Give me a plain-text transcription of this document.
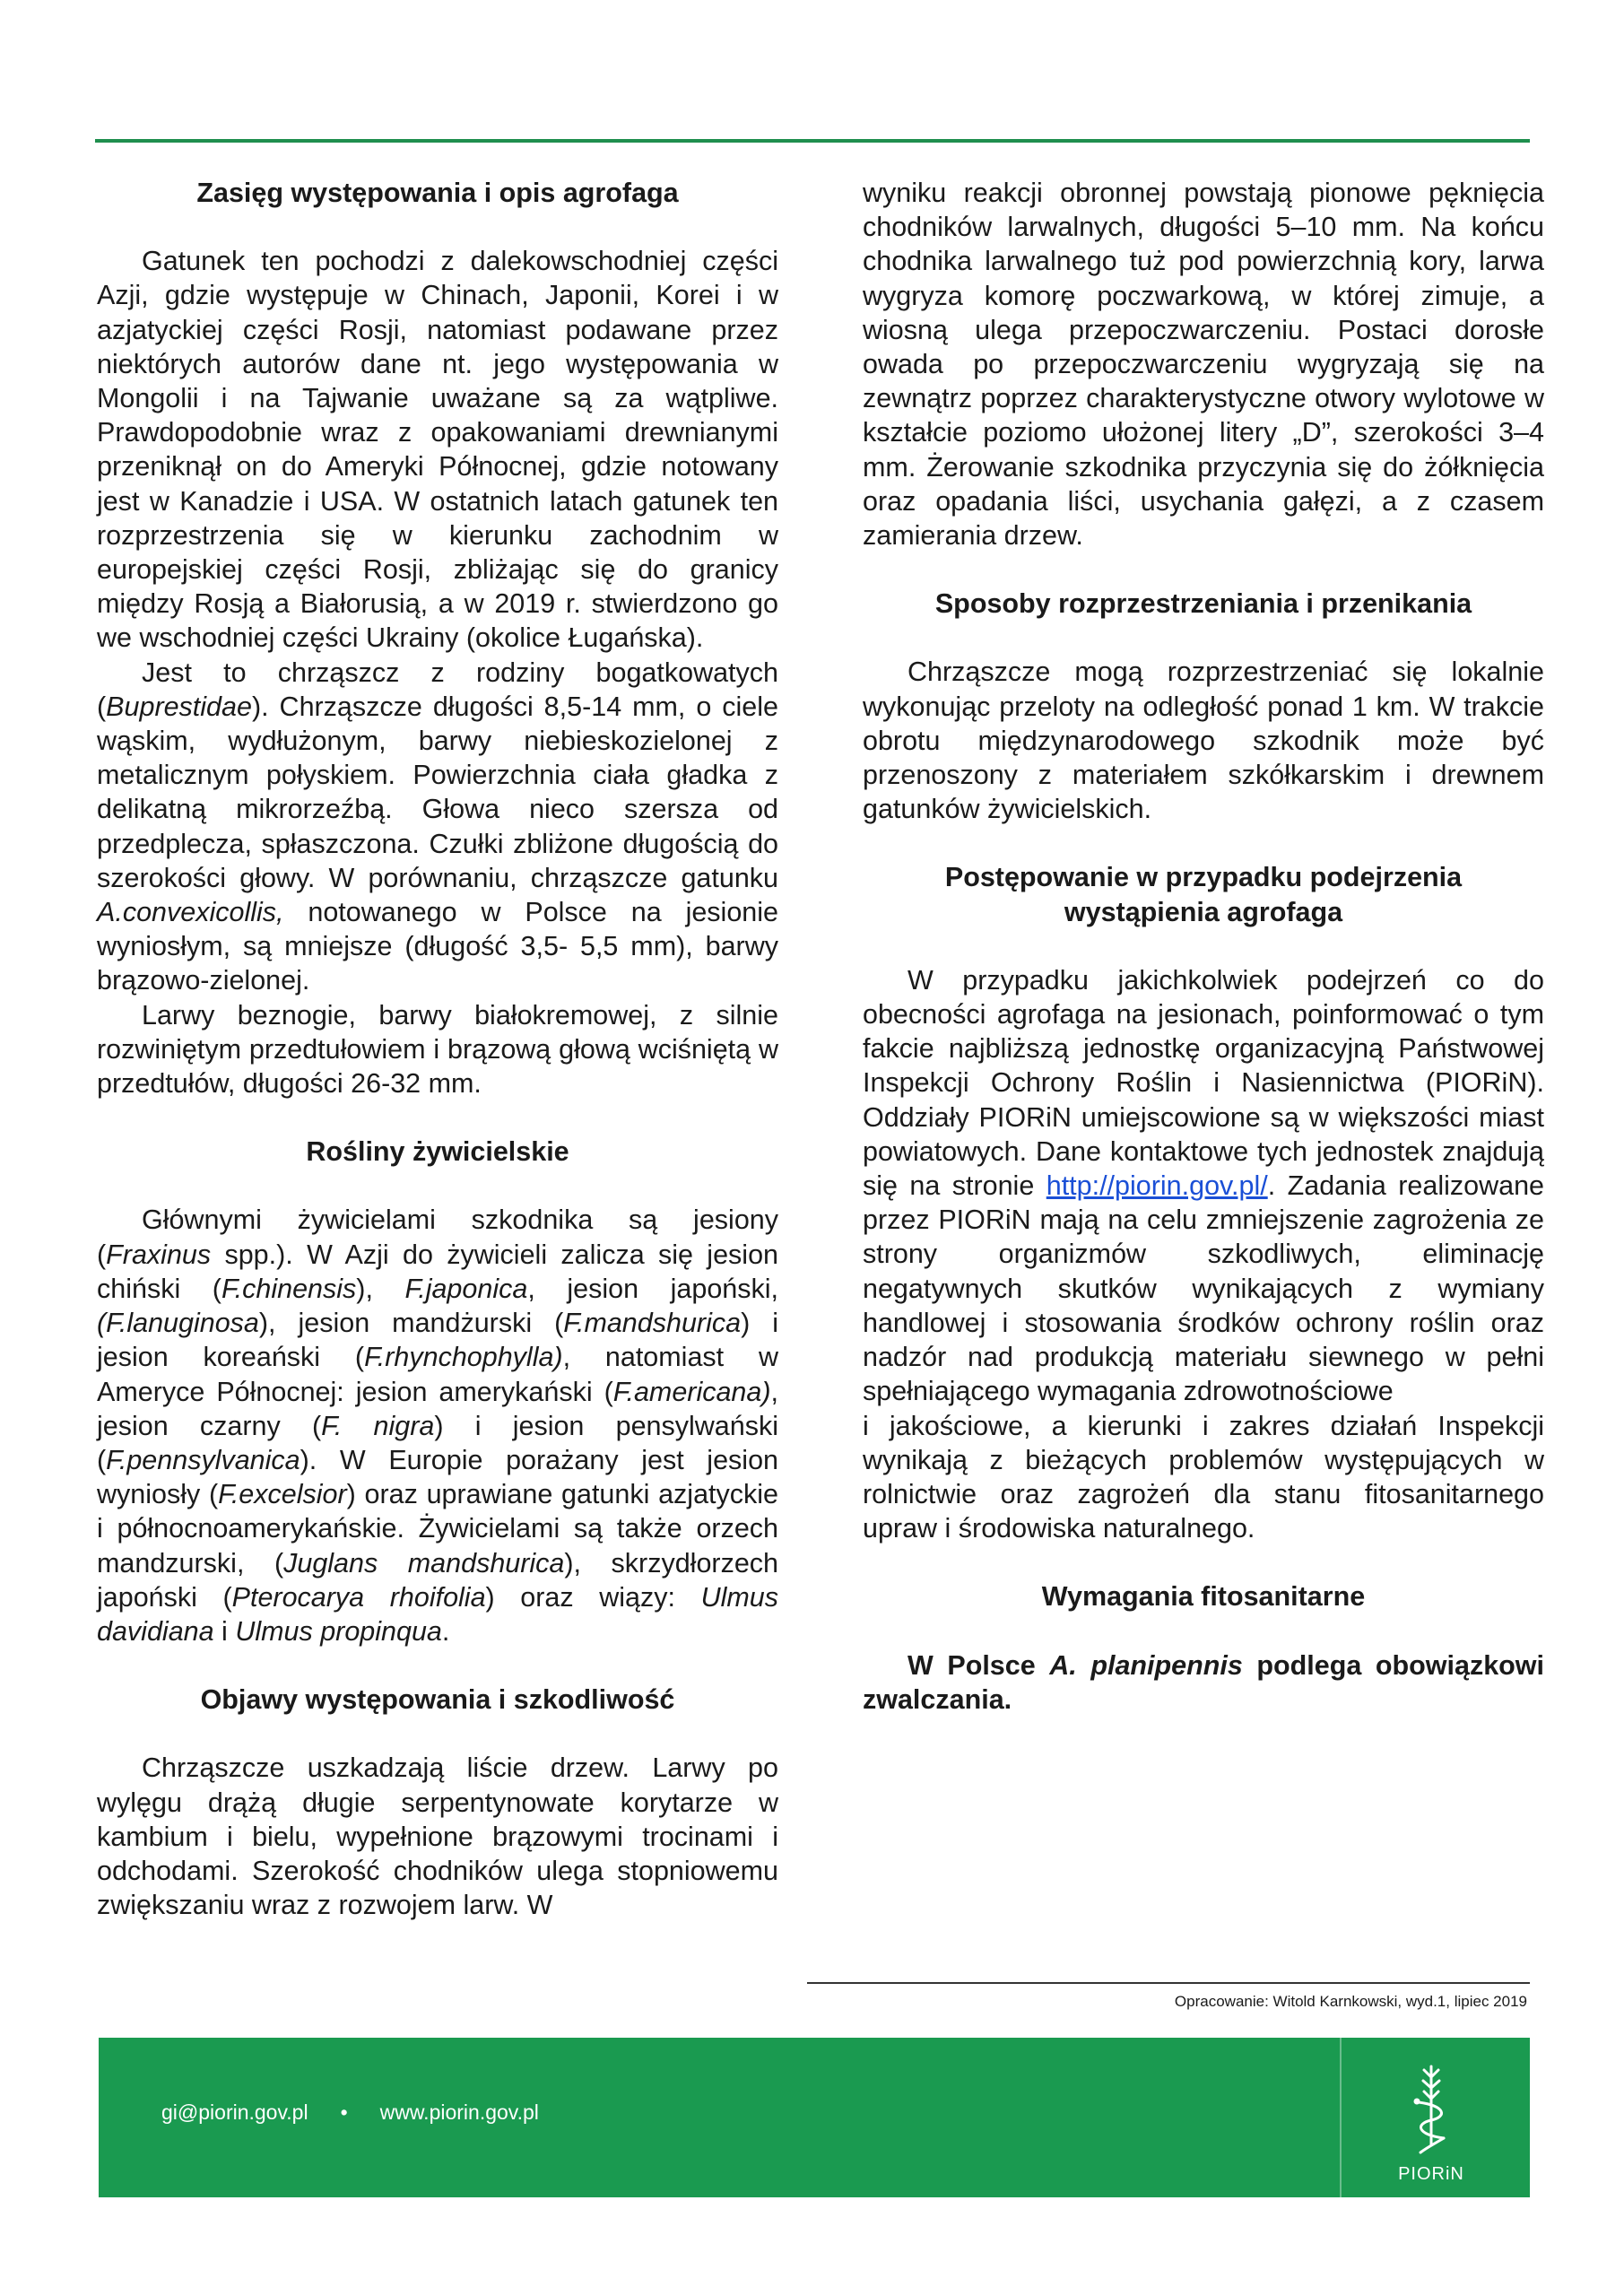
Zasięg występowania i opis agrofaga

Gatunek ten pochodzi z dalekowschodniej części Azji, gdzie występuje w Chinach, Japonii, Korei i w azjatyckiej części Rosji, natomiast podawane przez niektórych autorów dane nt. jego występowania w Mongolii i na Tajwanie uważane są za wątpliwe. Prawdopodobnie wraz z opakowaniami drewnianymi przeniknął on do Ameryki Północnej, gdzie notowany jest w Kanadzie i USA. W ostatnich latach gatunek ten rozprzestrzenia się w kierunku zachodnim w europejskiej części Rosji, zbliżając się do granicy między Rosją a Białorusią, a w 2019 r. stwierdzono go we wschodniej części Ukrainy (okolice Ługańska).

Jest to chrząszcz z rodziny bogatkowatych (Buprestidae). Chrząszcze długości 8,5-14 mm, o ciele wąskim, wydłużonym, barwy niebieskozielonej z metalicznym połyskiem. Powierzchnia ciała gładka z delikatną mikrorzeźbą. Głowa nieco szersza od przedplecza, spłaszczona. Czułki zbliżone długością do szerokości głowy. W porównaniu, chrząszcze gatunku A.convexicollis, notowanego w Polsce na jesionie wyniosłym, są mniejsze (długość 3,5- 5,5 mm), barwy brązowo-zielonej.

Larwy beznogie, barwy białokremowej, z silnie rozwiniętym przedtułowiem i brązową głową wciśniętą w przedtułów, długości 26-32 mm.

Rośliny żywicielskie

Głównymi żywicielami szkodnika są jesiony (Fraxinus spp.). W Azji do żywicieli zalicza się jesion chiński (F.chinensis), F.japonica, jesion japoński, (F.lanuginosa), jesion mandżurski (F.mandshurica) i jesion koreański (F.rhynchophylla), natomiast w Ameryce Północnej: jesion amerykański (F.americana), jesion czarny (F. nigra) i jesion pensylwański (F.pennsylvanica). W Europie porażany jest jesion wyniosły (F.excelsior) oraz uprawiane gatunki azjatyckie i północnoamerykańskie. Żywicielami są także orzech mandzurski, (Juglans mandshurica), skrzydłorzech japoński (Pterocarya rhoifolia) oraz wiązy: Ulmus davidiana i Ulmus propinqua.

Objawy występowania i szkodliwość

Chrząszcze uszkadzają liście drzew. Larwy po wylęgu drążą długie serpentynowate korytarze w kambium i bielu, wypełnione brązowymi trocinami i odchodami. Szerokość chodników ulega stopniowemu zwiększaniu wraz z rozwojem larw. W

wyniku reakcji obronnej powstają pionowe pęknięcia chodników larwalnych, długości 5–10 mm. Na końcu chodnika larwalnego tuż pod powierzchnią kory, larwa wygryza komorę poczwarkową, w której zimuje, a wiosną ulega przepoczwarczeniu. Postaci dorosłe owada po przepoczwarczeniu wygryzają się na zewnątrz poprzez charakterystyczne otwory wylotowe w kształcie poziomo ułożonej litery „D”, szerokości 3–4 mm. Żerowanie szkodnika przyczynia się do żółknięcia oraz opadania liści, usychania gałęzi, a z czasem zamierania drzew.

Sposoby rozprzestrzeniania i przenikania

Chrząszcze mogą rozprzestrzeniać się lokalnie wykonując przeloty na odległość ponad 1 km. W trakcie obrotu międzynarodowego szkodnik może być przenoszony z materiałem szkółkarskim i drewnem gatunków żywicielskich.

Postępowanie w przypadku podejrzenia
wystąpienia agrofaga

W przypadku jakichkolwiek podejrzeń co do obecności agrofaga na jesionach, poinformować o tym fakcie najbliższą jednostkę organizacyjną Państwowej Inspekcji Ochrony Roślin i Nasiennictwa (PIORiN). Oddziały PIORiN umiejscowione są w większości miast powiatowych. Dane kontaktowe tych jednostek znajdują się na stronie http://piorin.gov.pl/. Zadania realizowane przez PIORiN mają na celu zmniejszenie zagrożenia ze strony organizmów szkodliwych, eliminację negatywnych skutków wynikających z wymiany handlowej i stosowania środków ochrony roślin oraz nadzór nad produkcją materiału siewnego w pełni spełniającego wymagania zdrowotnościowe

i jakościowe, a kierunki i zakres działań Inspekcji wynikają z bieżących problemów występujących w rolnictwie oraz zagrożeń dla stanu fitosanitarnego upraw i środowiska naturalnego.

Wymagania fitosanitarne

W Polsce A. planipennis podlega obowiązkowi zwalczania.

Opracowanie: Witold Karnkowski, wyd.1, lipiec 2019
gi@piorin.gov.pl • www.piorin.gov.pl
PIORiN
